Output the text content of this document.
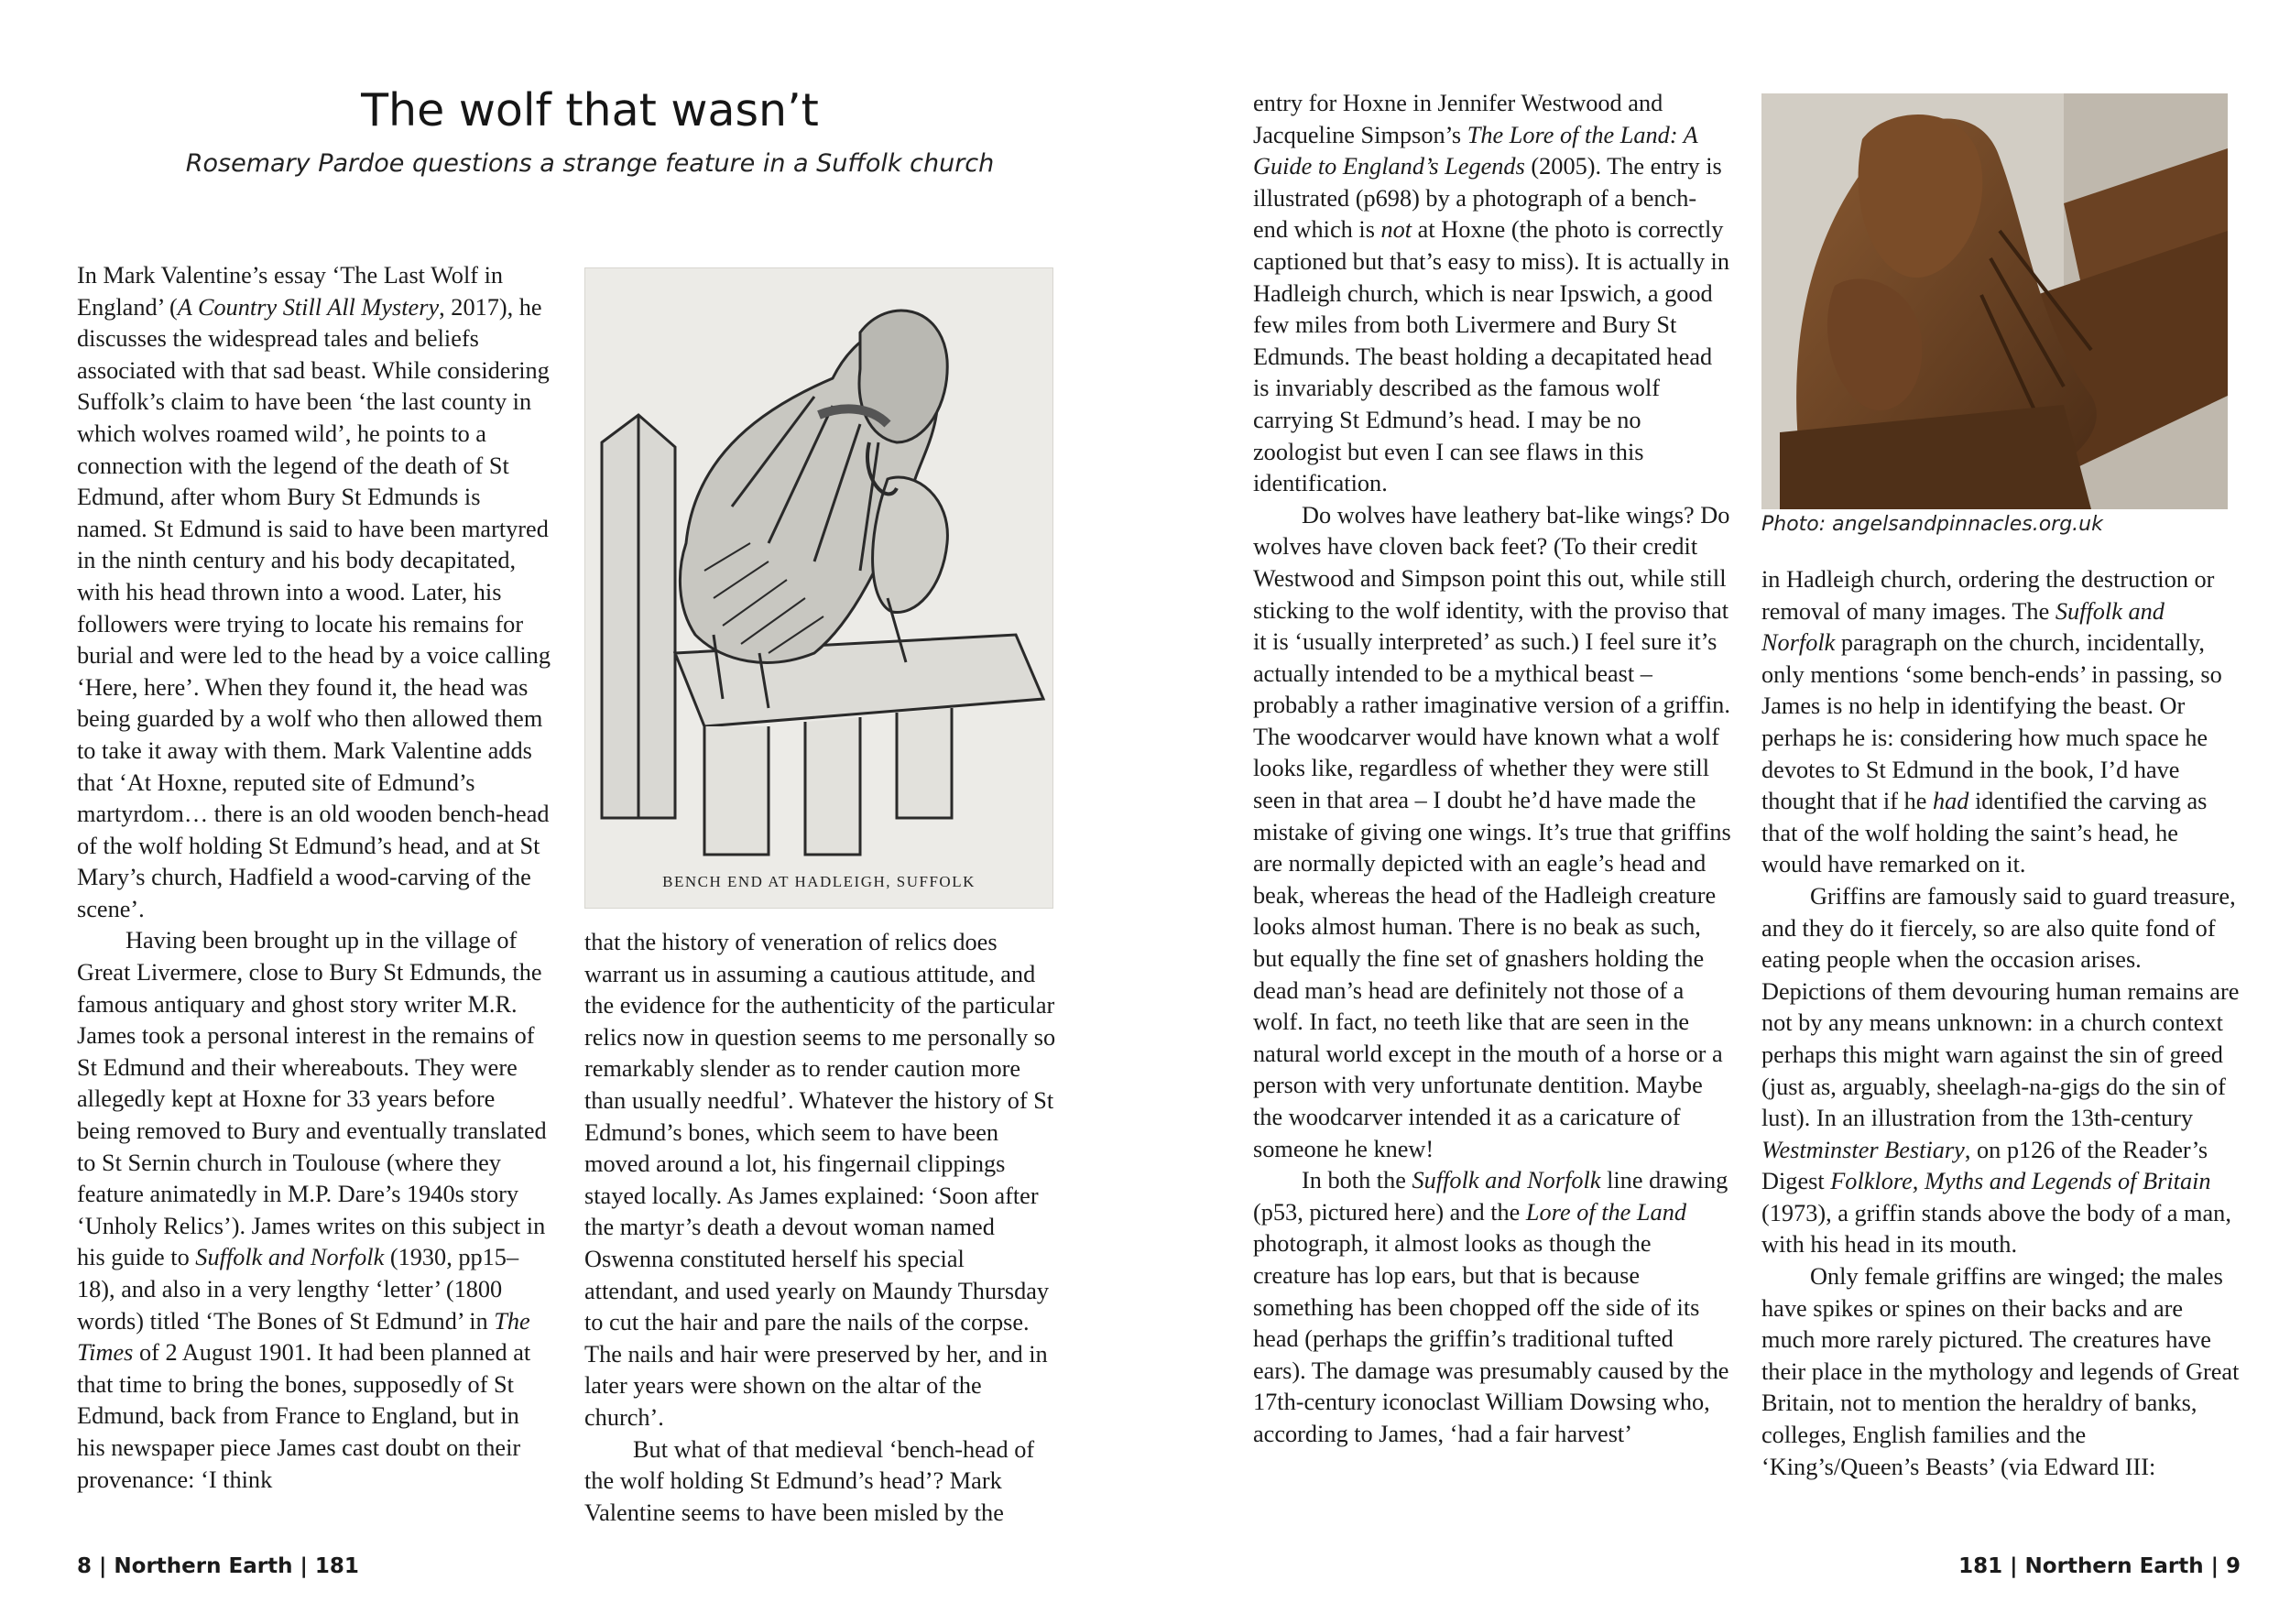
The wolf that wasn’t

Rosemary Pardoe questions a strange feature in a Suffolk church

In Mark Valentine’s essay ‘The Last Wolf in England’ (A Country Still All Mystery, 2017), he discusses the widespread tales and beliefs associated with that sad beast. While considering Suffolk’s claim to have been ‘the last county in which wolves roamed wild’, he points to a connection with the legend of the death of St Edmund, after whom Bury St Edmunds is named. St Edmund is said to have been martyred in the ninth century and his body decapitated, with his head thrown into a wood. Later, his followers were trying to locate his remains for burial and were led to the head by a voice calling ‘Here, here’. When they found it, the head was being guarded by a wolf who then allowed them to take it away with them. Mark Valentine adds that ‘At Hoxne, reputed site of Edmund’s martyrdom… there is an old wooden bench-head of the wolf holding St Edmund’s head, and at St Mary’s church, Hadfield a wood-carving of the scene’.

Having been brought up in the village of Great Livermere, close to Bury St Edmunds, the famous antiquary and ghost story writer M.R. James took a personal interest in the remains of St Edmund and their whereabouts. They were allegedly kept at Hoxne for 33 years before being removed to Bury and eventually translated to St Sernin church in Toulouse (where they feature animatedly in M.P. Dare’s 1940s story ‘Unholy Relics’). James writes on this subject in his guide to Suffolk and Norfolk (1930, pp15–18), and also in a very lengthy ‘letter’ (1800 words) titled ‘The Bones of St Edmund’ in The Times of 2 August 1901. It had been planned at that time to bring the bones, supposedly of St Edmund, back from France to England, but in his newspaper piece James cast doubt on their provenance: ‘I think

BENCH END AT HADLEIGH, SUFFOLK

that the history of veneration of relics does warrant us in assuming a cautious attitude, and the evidence for the authenticity of the particular relics now in question seems to me personally so remarkably slender as to render caution more than usually needful’. Whatever the history of St Edmund’s bones, which seem to have been moved around a lot, his fingernail clippings stayed locally. As James explained: ‘Soon after the martyr’s death a devout woman named Oswenna constituted herself his special attendant, and used yearly on Maundy Thursday to cut the hair and pare the nails of the corpse. The nails and hair were preserved by her, and in later years were shown on the altar of the church’.

But what of that medieval ‘bench-head of the wolf holding St Edmund’s head’? Mark Valentine seems to have been misled by the

entry for Hoxne in Jennifer Westwood and Jacqueline Simpson’s The Lore of the Land: A Guide to England’s Legends (2005). The entry is illustrated (p698) by a photograph of a bench-end which is not at Hoxne (the photo is correctly captioned but that’s easy to miss). It is actually in Hadleigh church, which is near Ipswich, a good few miles from both Livermere and Bury St Edmunds. The beast holding a decapitated head is invariably described as the famous wolf carrying St Edmund’s head. I may be no zoologist but even I can see flaws in this identification.

Do wolves have leathery bat-like wings? Do wolves have cloven back feet? (To their credit Westwood and Simpson point this out, while still sticking to the wolf identity, with the proviso that it is ‘usually interpreted’ as such.) I feel sure it’s actually intended to be a mythical beast – probably a rather imaginative version of a griffin. The woodcarver would have known what a wolf looks like, regardless of whether they were still seen in that area – I doubt he’d have made the mistake of giving one wings. It’s true that griffins are normally depicted with an eagle’s head and beak, whereas the head of the Hadleigh creature looks almost human. There is no beak as such, but equally the fine set of gnashers holding the dead man’s head are definitely not those of a wolf. In fact, no teeth like that are seen in the natural world except in the mouth of a horse or a person with very unfortunate dentition. Maybe the woodcarver intended it as a caricature of someone he knew!

In both the Suffolk and Norfolk line drawing (p53, pictured here) and the Lore of the Land photograph, it almost looks as though the creature has lop ears, but that is because something has been chopped off the side of its head (perhaps the griffin’s traditional tufted ears). The damage was presumably caused by the 17th-century iconoclast William Dowsing who, according to James, ‘had a fair harvest’

Photo: angelsandpinnacles.org.uk

in Hadleigh church, ordering the destruction or removal of many images. The Suffolk and Norfolk paragraph on the church, incidentally, only mentions ‘some bench-ends’ in passing, so James is no help in identifying the beast. Or perhaps he is: considering how much space he devotes to St Edmund in the book, I’d have thought that if he had identified the carving as that of the wolf holding the saint’s head, he would have remarked on it.

Griffins are famously said to guard treasure, and they do it fiercely, so are also quite fond of eating people when the occasion arises. Depictions of them devouring human remains are not by any means unknown: in a church context perhaps this might warn against the sin of greed (just as, arguably, sheelagh-na-gigs do the sin of lust). In an illustration from the 13th-century Westminster Bestiary, on p126 of the Reader’s Digest Folklore, Myths and Legends of Britain (1973), a griffin stands above the body of a man, with his head in its mouth.

Only female griffins are winged; the males have spikes or spines on their backs and are much more rarely pictured. The creatures have their place in the mythology and legends of Great Britain, not to mention the heraldry of banks, colleges, English families and the ‘King’s/Queen’s Beasts’ (via Edward III:

8 | Northern Earth | 181	181 | Northern Earth | 9
